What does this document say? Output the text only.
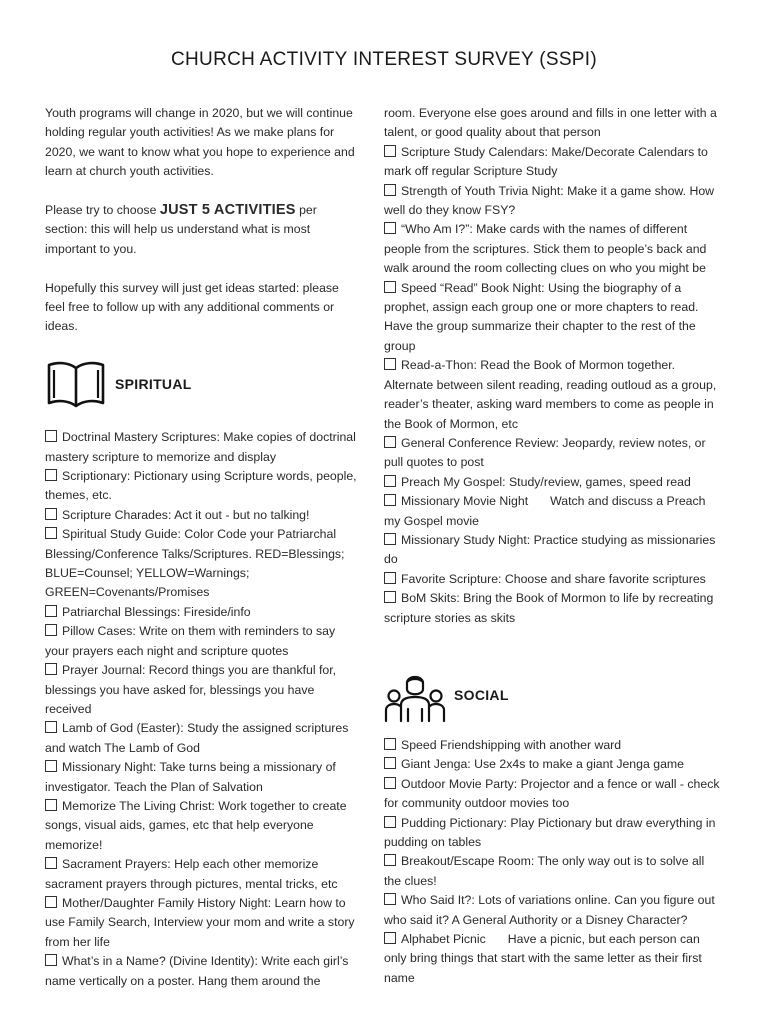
CHURCH ACTIVITY INTEREST SURVEY (SSPI)

Youth programs will change in 2020, but we will continue holding regular youth activities! As we make plans for 2020, we want to know what you hope to experience and learn at church youth activities.

Please try to choose JUST 5 ACTIVITIES per section: this will help us understand what is most important to you.

Hopefully this survey will just get ideas started: please feel free to follow up with any additional comments or ideas.

SPIRITUAL
Doctrinal Mastery Scriptures: Make copies of doctrinal mastery scripture to memorize and display
Scriptionary: Pictionary using Scripture words, people, themes, etc.
Scripture Charades: Act it out - but no talking!
Spiritual Study Guide: Color Code your Patriarchal Blessing/Conference Talks/Scriptures. RED=Blessings; BLUE=Counsel; YELLOW=Warnings; GREEN=Covenants/Promises
Patriarchal Blessings: Fireside/info
Pillow Cases: Write on them with reminders to say your prayers each night and scripture quotes
Prayer Journal: Record things you are thankful for, blessings you have asked for, blessings you have received
Lamb of God (Easter): Study the assigned scriptures and watch The Lamb of God
Missionary Night: Take turns being a missionary of investigator. Teach the Plan of Salvation
Memorize The Living Christ: Work together to create songs, visual aids, games, etc that help everyone memorize!
Sacrament Prayers: Help each other memorize sacrament prayers through pictures, mental tricks, etc
Mother/Daughter Family History Night: Learn how to use Family Search, Interview your mom and write a story from her life
What’s in a Name? (Divine Identity): Write each girl’s name vertically on a poster. Hang them around the
room. Everyone else goes around and fills in one letter with a talent, or good quality about that person
Scripture Study Calendars: Make/Decorate Calendars to mark off regular Scripture Study
Strength of Youth Trivia Night: Make it a game show. How well do they know FSY?
“Who Am I?”: Make cards with the names of different people from the scriptures. Stick them to people’s back and walk around the room collecting clues on who you might be
Speed “Read” Book Night: Using the biography of a prophet, assign each group one or more chapters to read. Have the group summarize their chapter to the rest of the group
Read-a-Thon: Read the Book of Mormon together. Alternate between silent reading, reading outloud as a group, reader’s theater, asking ward members to come as people in the Book of Mormon, etc
General Conference Review: Jeopardy, review notes, or pull quotes to post
Preach My Gospel: Study/review, games, speed read
Missionary Movie Night Watch and discuss a Preach my Gospel movie
Missionary Study Night: Practice studying as missionaries do
Favorite Scripture: Choose and share favorite scriptures
BoM Skits: Bring the Book of Mormon to life by recreating scripture stories as skits
SOCIAL
Speed Friendshipping with another ward
Giant Jenga: Use 2x4s to make a giant Jenga game
Outdoor Movie Party: Projector and a fence or wall - check for community outdoor movies too
Pudding Pictionary: Play Pictionary but draw everything in pudding on tables
Breakout/Escape Room: The only way out is to solve all the clues!
Who Said It?: Lots of variations online. Can you figure out who said it? A General Authority or a Disney Character?
Alphabet Picnic Have a picnic, but each person can only bring things that start with the same letter as their first name
